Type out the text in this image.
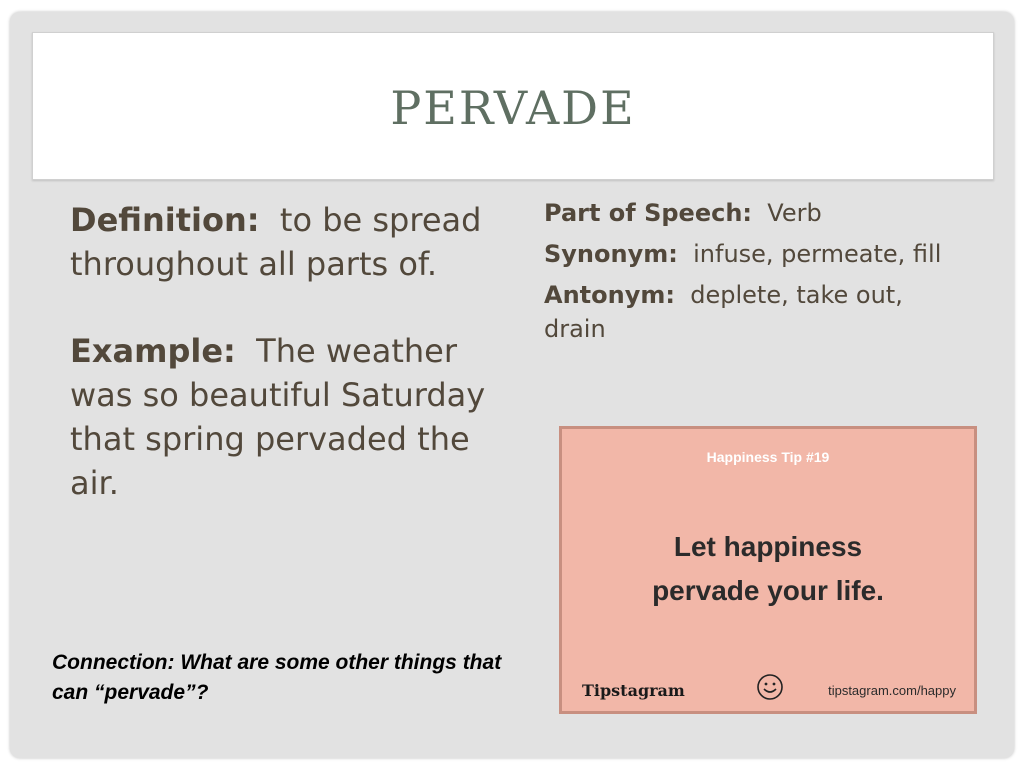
PERVADE

Definition: to be spread throughout all parts of.

Example: The weather was so beautiful Saturday that spring pervaded the air.

Part of Speech: Verb

Synonym: infuse, permeate, fill

Antonym: deplete, take out, drain

Connection: What are some other things that can “pervade”?
Happiness Tip #19
Let happiness
pervade your life.
Tipstagram	tipstagram.com/happy
